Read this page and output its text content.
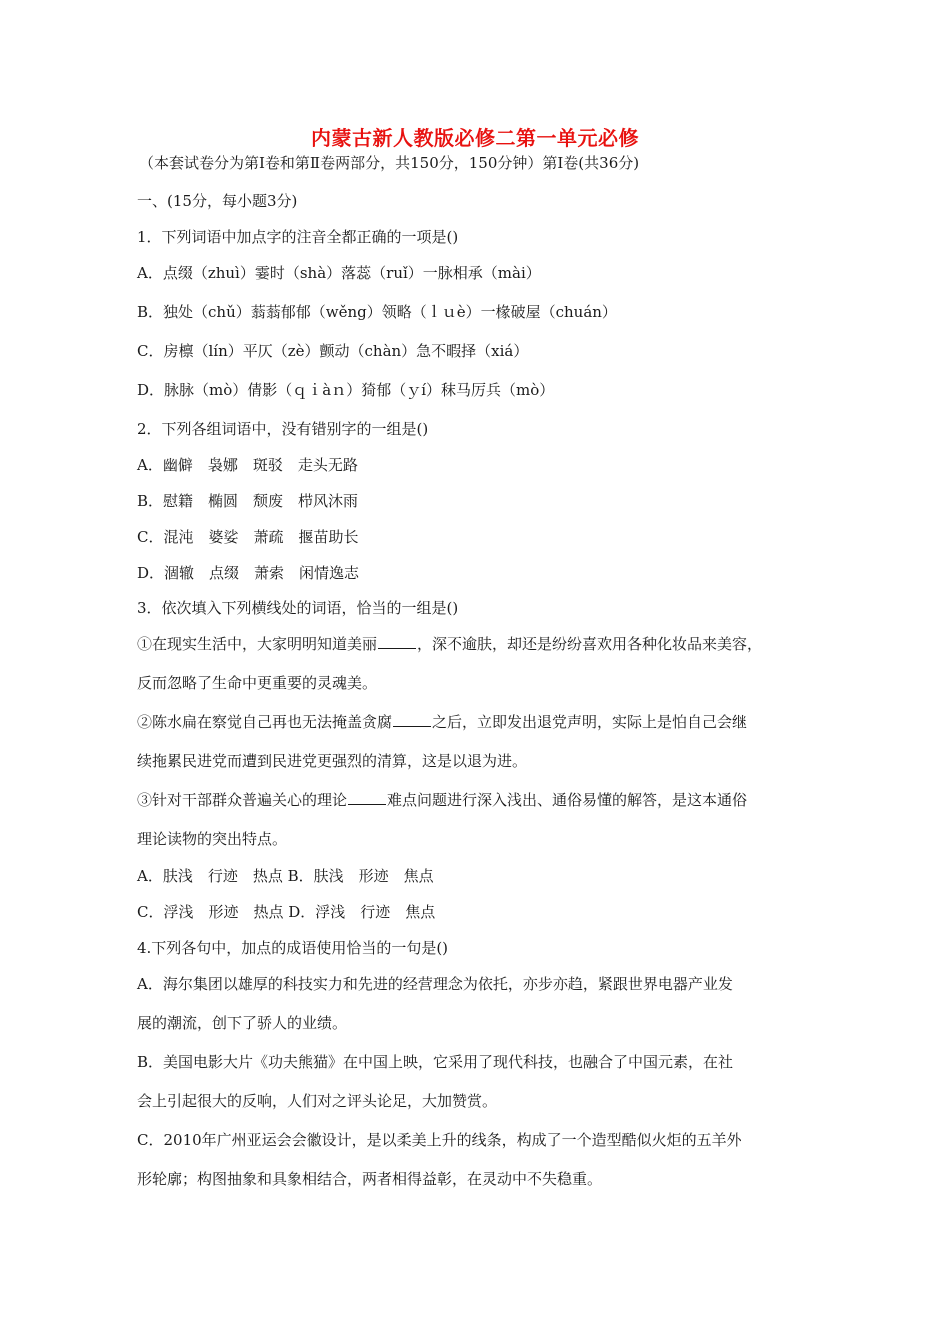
内蒙古新人教版必修二第一单元必修
（本套试卷分为第Ⅰ卷和第Ⅱ卷两部分，共150分，150分钟）第Ⅰ卷(共36分)
一、(15分，每小题3分)
1．下列词语中加点字的注音全都正确的一项是()
A．点缀（zhuì）霎时（shà）落蕊（ruǐ）一脉相承（mài）
B．独处（chǔ）蓊蓊郁郁（wěng）领略（ｌｕè）一椽破屋（chuán）
C．房檩（lín）平仄（zè）颤动（chàn）急不暇择（xiá）
D．脉脉（mò）倩影（ｑｉàｎ）猗郁（ｙí）秣马厉兵（mò）
2．下列各组词语中，没有错别字的一组是()
A．幽僻　袅娜　斑驳　走头无路
B．慰籍　椭圆　颓废　栉风沐雨
C．混沌　婆娑　萧疏　揠苗助长
D．涸辙　点缀　萧索　闲情逸志
3．依次填入下列横线处的词语，恰当的一组是()
①在现实生活中，大家明明知道美丽	，深不逾肤，却还是纷纷喜欢用各种化妆品来美容，
反而忽略了生命中更重要的灵魂美。
②陈水扁在察觉自己再也无法掩盖贪腐	之后，立即发出退党声明，实际上是怕自己会继
续拖累民进党而遭到民进党更强烈的清算，这是以退为进。
③针对干部群众普遍关心的理论	难点问题进行深入浅出、通俗易懂的解答，是这本通俗
理论读物的突出特点。
A．肤浅　行迹　热点 B．肤浅　形迹　焦点
C．浮浅　形迹　热点 D．浮浅　行迹　焦点
4.下列各句中，加点的成语使用恰当的一句是()
A．海尔集团以雄厚的科技实力和先进的经营理念为依托，亦步亦趋，紧跟世界电器产业发
展的潮流，创下了骄人的业绩。
B．美国电影大片《功夫熊猫》在中国上映，它采用了现代科技，也融合了中国元素，在社
会上引起很大的反响，人们对之评头论足，大加赞赏。
C．2010年广州亚运会会徽设计，是以柔美上升的线条，构成了一个造型酷似火炬的五羊外
形轮廓；构图抽象和具象相结合，两者相得益彰，在灵动中不失稳重。
